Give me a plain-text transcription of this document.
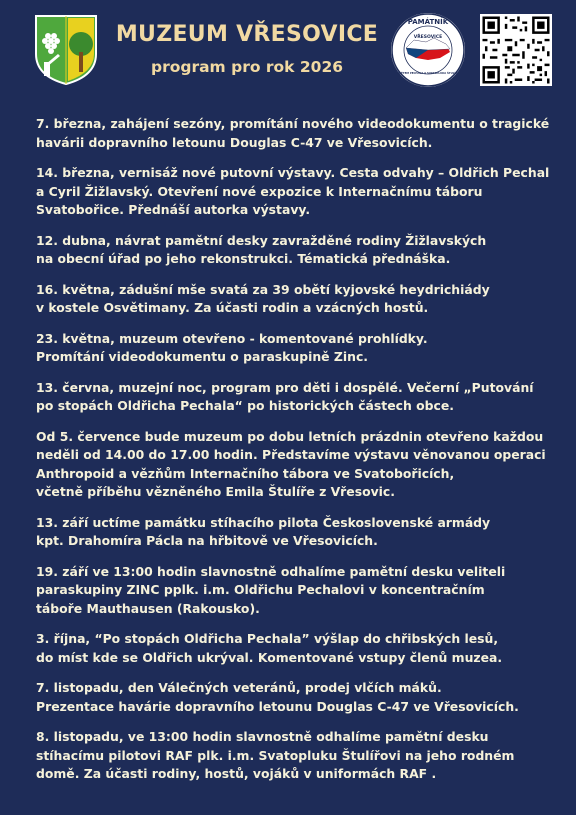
MUZEUM VŘESOVICE
program pro rok 2026
PAMÁTNÍK
VŘESOVICE
OBĚTEM PECHALA A SVATOPLUKA ŠTULÍŘE
7. března, zahájení sezóny, promítání nového videodokumentu o tragické
havárii dopravního letounu Douglas C-47 ve Vřesovicích.
14. března, vernisáž nové putovní výstavy. Cesta odvahy – Oldřich Pechal
a Cyril Žižlavský. Otevření nové expozice k Internačnímu táboru
Svatobořice. Přednáší autorka výstavy.
12. dubna, návrat pamětní desky zavražděné rodiny Žižlavských
na obecní úřad po jeho rekonstrukci. Tématická přednáška.
16. května, zádušní mše svatá za 39 obětí kyjovské heydrichiády
v kostele Osvětimany. Za účasti rodin a vzácných hostů.
23. května, muzeum otevřeno - komentované prohlídky.
Promítání videodokumentu o paraskupině Zinc.
13. června, muzejní noc, program pro děti i dospělé. Večerní „Putování
po stopách Oldřicha Pechala“ po historických částech obce.
Od 5. července bude muzeum po dobu letních prázdnin otevřeno každou
neděli od 14.00 do 17.00 hodin. Představíme výstavu věnovanou operaci
Anthropoid a vězňům Internačního tábora ve Svatobořicích,
včetně příběhu vězněného Emila Štulíře z Vřesovic.
13. září uctíme památku stíhacího pilota Československé armády
kpt. Drahomíra Pácla na hřbitově ve Vřesovicích.
19. září ve 13:00 hodin slavnostně odhalíme pamětní desku veliteli
paraskupiny ZINC pplk. i.m. Oldřichu Pechalovi v koncentračním
táboře Mauthausen (Rakousko).
3. října, “Po stopách Oldřicha Pechala” výšlap do chřibských lesů,
do míst kde se Oldřich ukrýval. Komentované vstupy členů muzea.
7. listopadu, den Válečných veteránů, prodej vlčích máků.
Prezentace havárie dopravního letounu Douglas C-47 ve Vřesovicích.
8. listopadu, ve 13:00 hodin slavnostně odhalíme pamětní desku
stíhacímu pilotovi RAF plk. i.m. Svatopluku Štulířovi na jeho rodném
domě. Za účasti rodiny, hostů, vojáků v uniformách RAF .
